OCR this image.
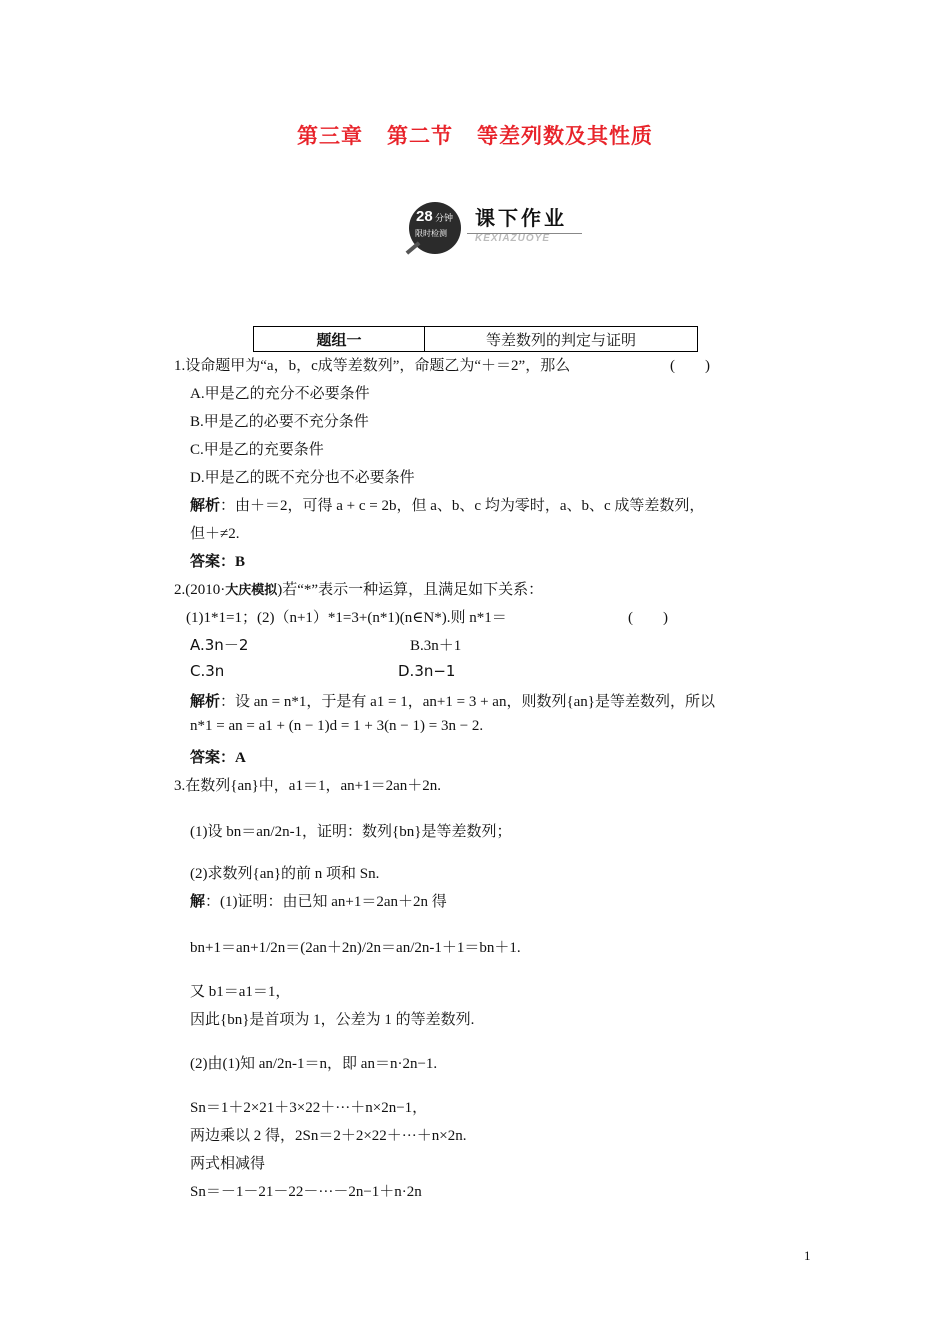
第三章 第二节 等差列数及其性质
28 分钟
限时检测
课下作业
KEXIAZUOYE
题组一	等差数列的判定与证明
1.设命题甲为“a，b，c成等差数列”，命题乙为“＋＝2”，那么	(　　)
A.甲是乙的充分不必要条件
B.甲是乙的必要不充分条件
C.甲是乙的充要条件
D.甲是乙的既不充分也不必要条件
解析：由＋＝2，可得 a + c = 2b，但 a、b、c 均为零时，a、b、c 成等差数列，
但＋≠2.
答案：B
2.(2010·大庆模拟)若“*”表示一种运算，且满足如下关系：
(1)1*1=1；(2)（n+1）*1=3+(n*1)(n∈N*).则 n*1＝	(　　)
A.3n－2	B.3n＋1
C.3n	D.3n−1
解析：设 an = n*1，于是有 a1 = 1，an+1 = 3 + an，则数列{an}是等差数列，所以
n*1 = an = a1 + (n − 1)d = 1 + 3(n − 1) = 3n − 2.
答案：A
3.在数列{an}中，a1＝1，an+1＝2an＋2n.
(1)设 bn＝an/2n-1，证明：数列{bn}是等差数列；
(2)求数列{an}的前 n 项和 Sn.
解：(1)证明：由已知 an+1＝2an＋2n 得
bn+1＝an+1/2n＝(2an＋2n)/2n＝an/2n-1＋1＝bn＋1.
又 b1＝a1＝1，
因此{bn}是首项为 1，公差为 1 的等差数列.
(2)由(1)知 an/2n-1＝n，即 an＝n·2n−1.
Sn＝1＋2×21＋3×22＋···＋n×2n−1，
两边乘以 2 得，2Sn＝2＋2×22＋···＋n×2n.
两式相减得
Sn＝－1－21－22－···－2n−1＋n·2n
1
